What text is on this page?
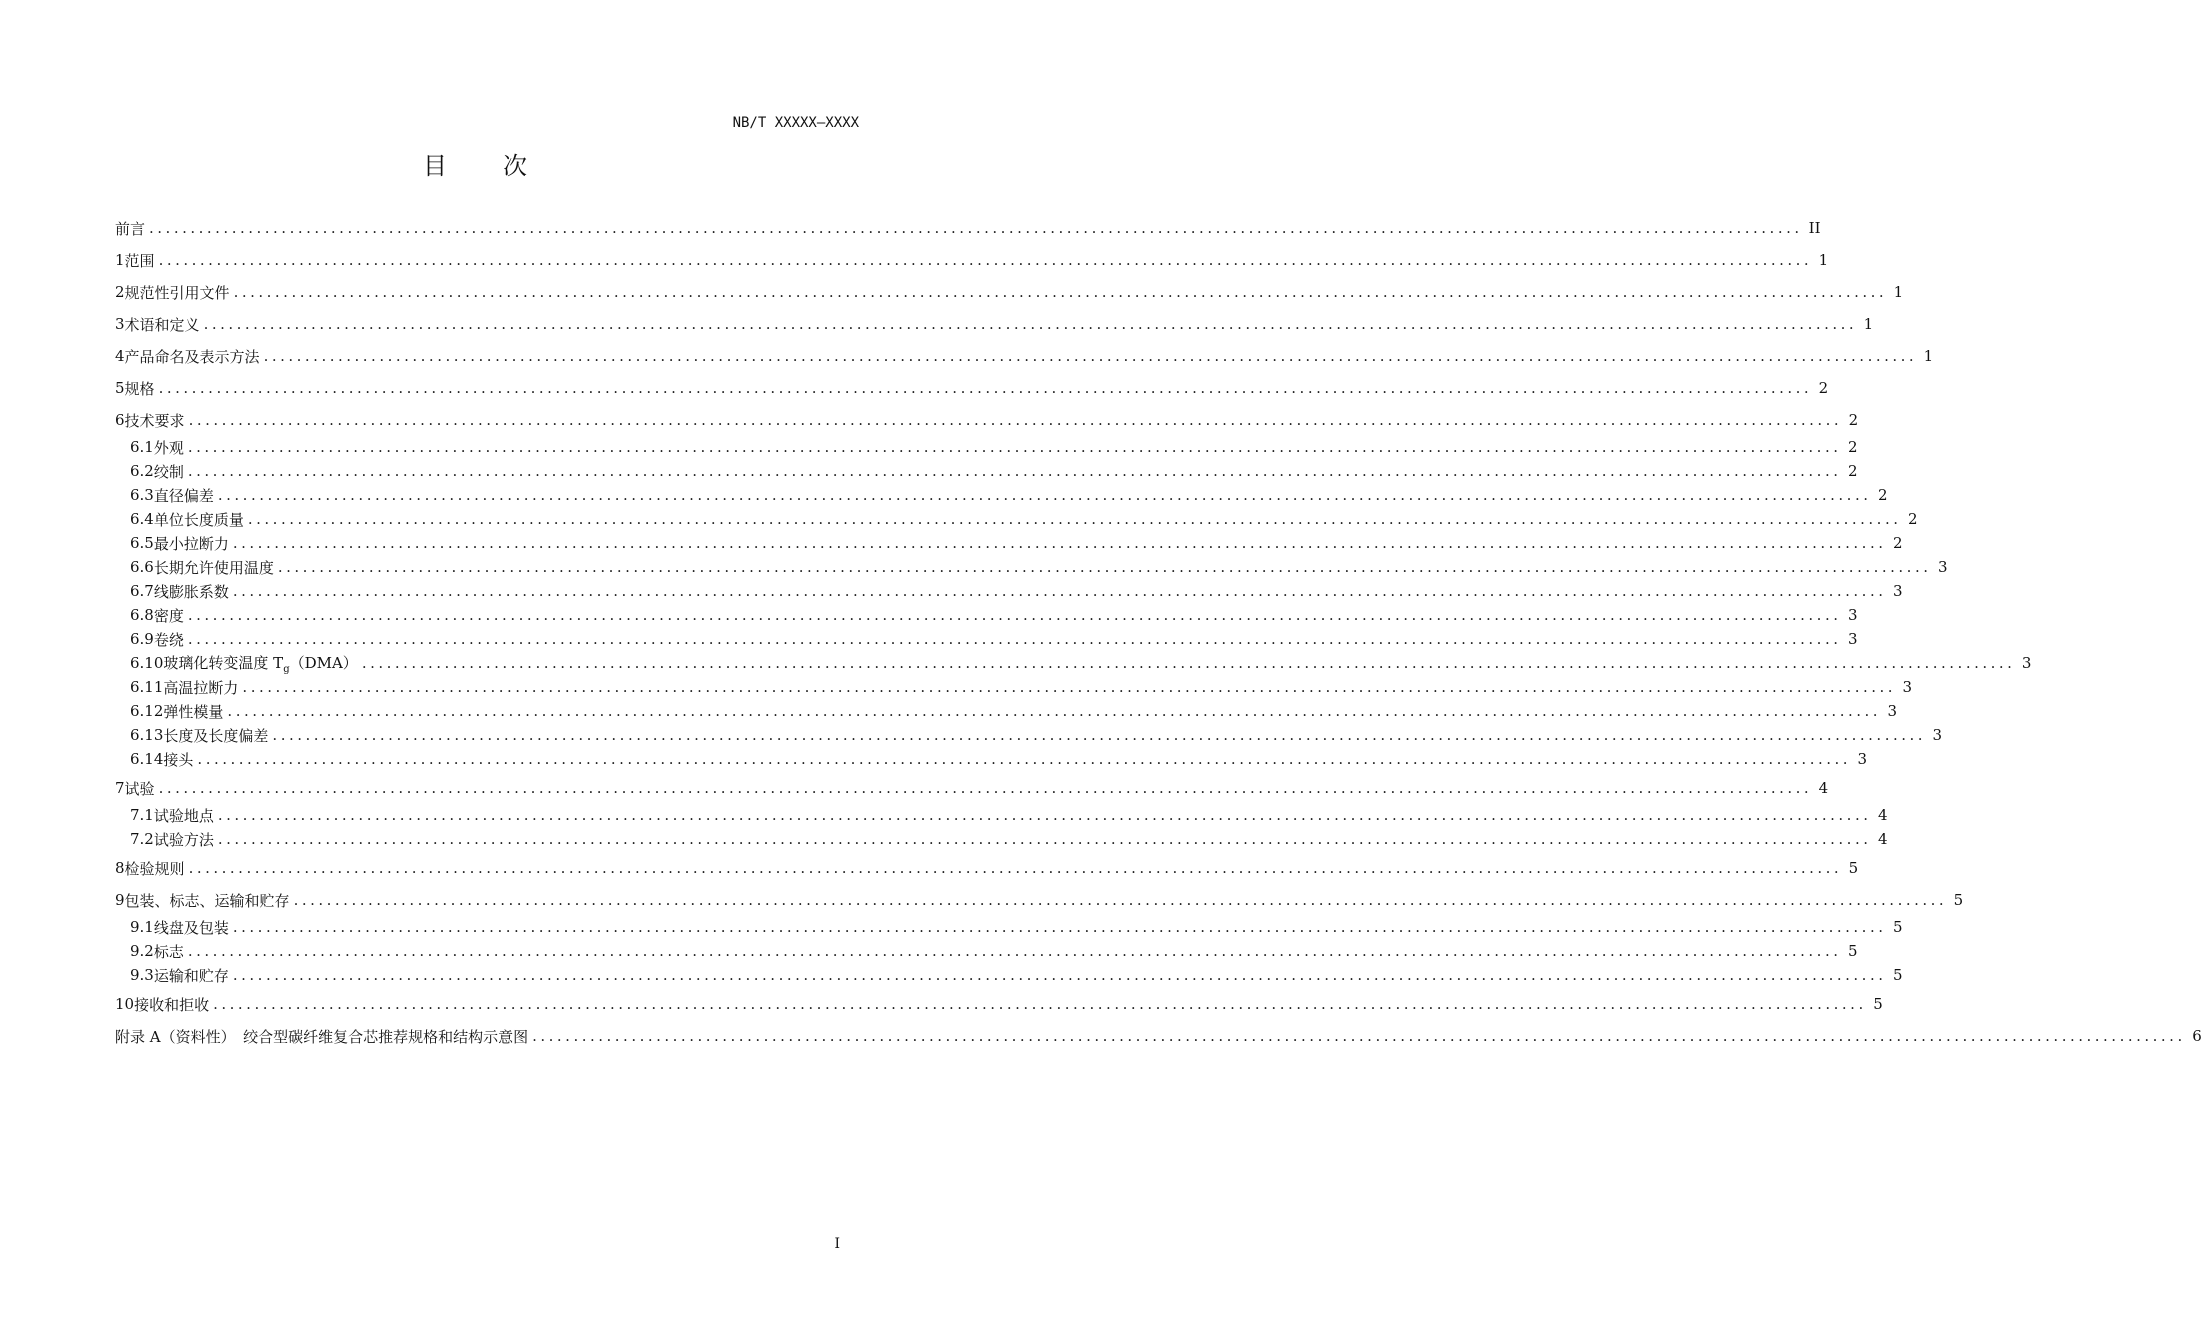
NB/T XXXXX—XXXX
目 次
前言 ........................................................................................................................................................................................................ II
1 范围 ........................................................................................................................................................................................................ 1
2 规范性引用文件 ........................................................................................................................................................................................................ 1
3 术语和定义 ........................................................................................................................................................................................................ 1
4 产品命名及表示方法 ........................................................................................................................................................................................................ 1
5 规格 ........................................................................................................................................................................................................ 2
6 技术要求 ........................................................................................................................................................................................................ 2
6.1 外观 ........................................................................................................................................................................................................ 2
6.2 绞制 ........................................................................................................................................................................................................ 2
6.3 直径偏差 ........................................................................................................................................................................................................ 2
6.4 单位长度质量 ........................................................................................................................................................................................................ 2
6.5 最小拉断力 ........................................................................................................................................................................................................ 2
6.6 长期允许使用温度 ........................................................................................................................................................................................................ 3
6.7 线膨胀系数 ........................................................................................................................................................................................................ 3
6.8 密度 ........................................................................................................................................................................................................ 3
6.9 卷绕 ........................................................................................................................................................................................................ 3
6.10 玻璃化转变温度 $T_g(DMA)$ ........................................................................................................................................................................................................ 3
6.11 高温拉断力 ........................................................................................................................................................................................................ 3
6.12 弹性模量 ........................................................................................................................................................................................................ 3
6.13 长度及长度偏差 ........................................................................................................................................................................................................ 3
6.14 接头 ........................................................................................................................................................................................................ 3
7 试验 ........................................................................................................................................................................................................ 4
7.1 试验地点 ........................................................................................................................................................................................................ 4
7.2 试验方法 ........................................................................................................................................................................................................ 4
8 检验规则 ........................................................................................................................................................................................................ 5
9 包装、标志、运输和贮存 ........................................................................................................................................................................................................ 5
9.1 线盘及包装 ........................................................................................................................................................................................................ 5
9.2 标志 ........................................................................................................................................................................................................ 5
9.3 运输和贮存 ........................................................................................................................................................................................................ 5
10 接收和拒收 ........................................................................................................................................................................................................ 5
附录 A（资料性）　绞合型碳纤维复合芯推荐规格和结构示意图 ........................................................................................................................................................................................................ 6
I
